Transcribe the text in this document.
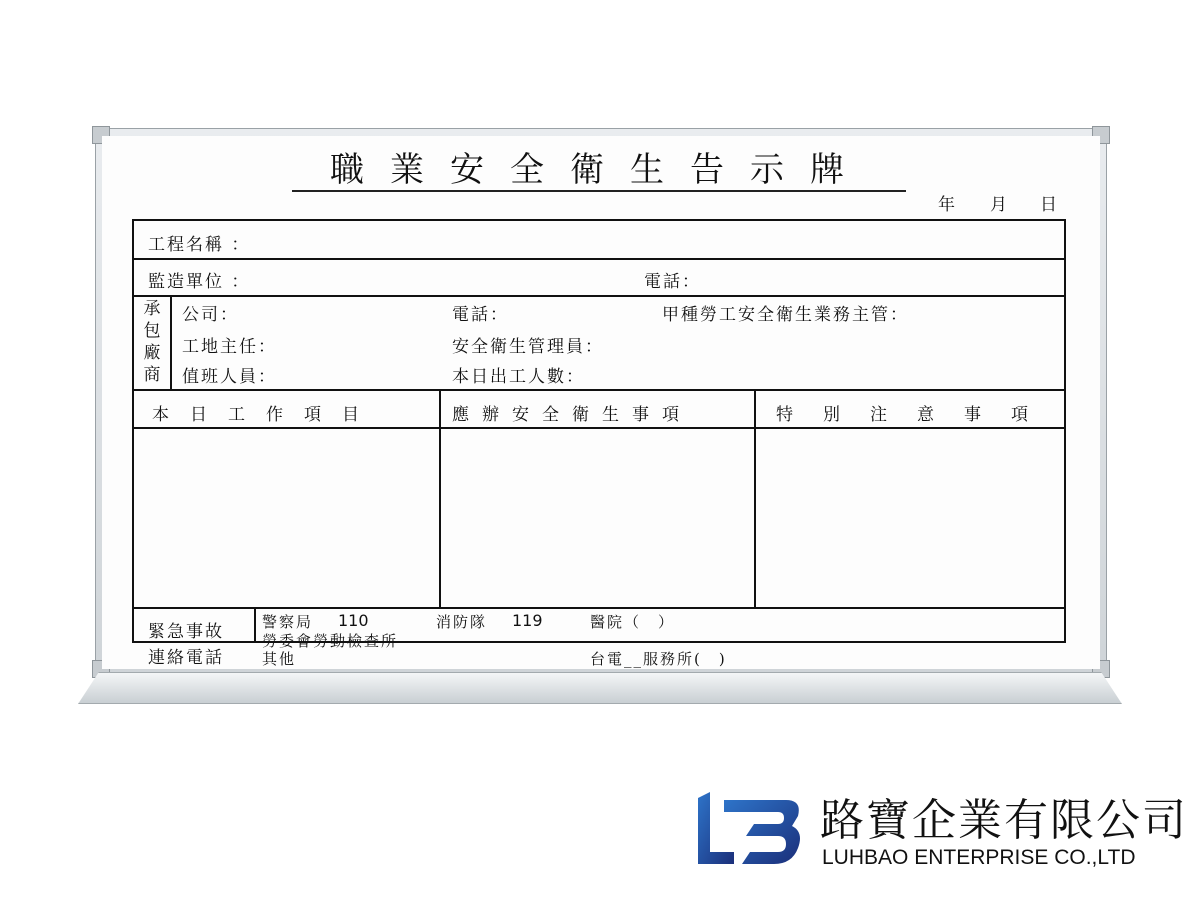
職業安全衛生告示牌
年 月 日
工程名稱 ：
監造單位 ：	電話：
承
包
廠
商
公司：	電話：	甲種勞工安全衛生業務主管：
工地主任：	安全衛生管理員：
值班人員：	本日出工人數：
本日工作項目	應辦安全衛生事項	特別注意事項
緊急事故
連絡電話
警察局 110	消防隊 119	醫院（　）
勞委會勞動檢查所
其他	台電__服務所(　)
路寶企業有限公司
LUHBAO ENTERPRISE CO.,LTD
